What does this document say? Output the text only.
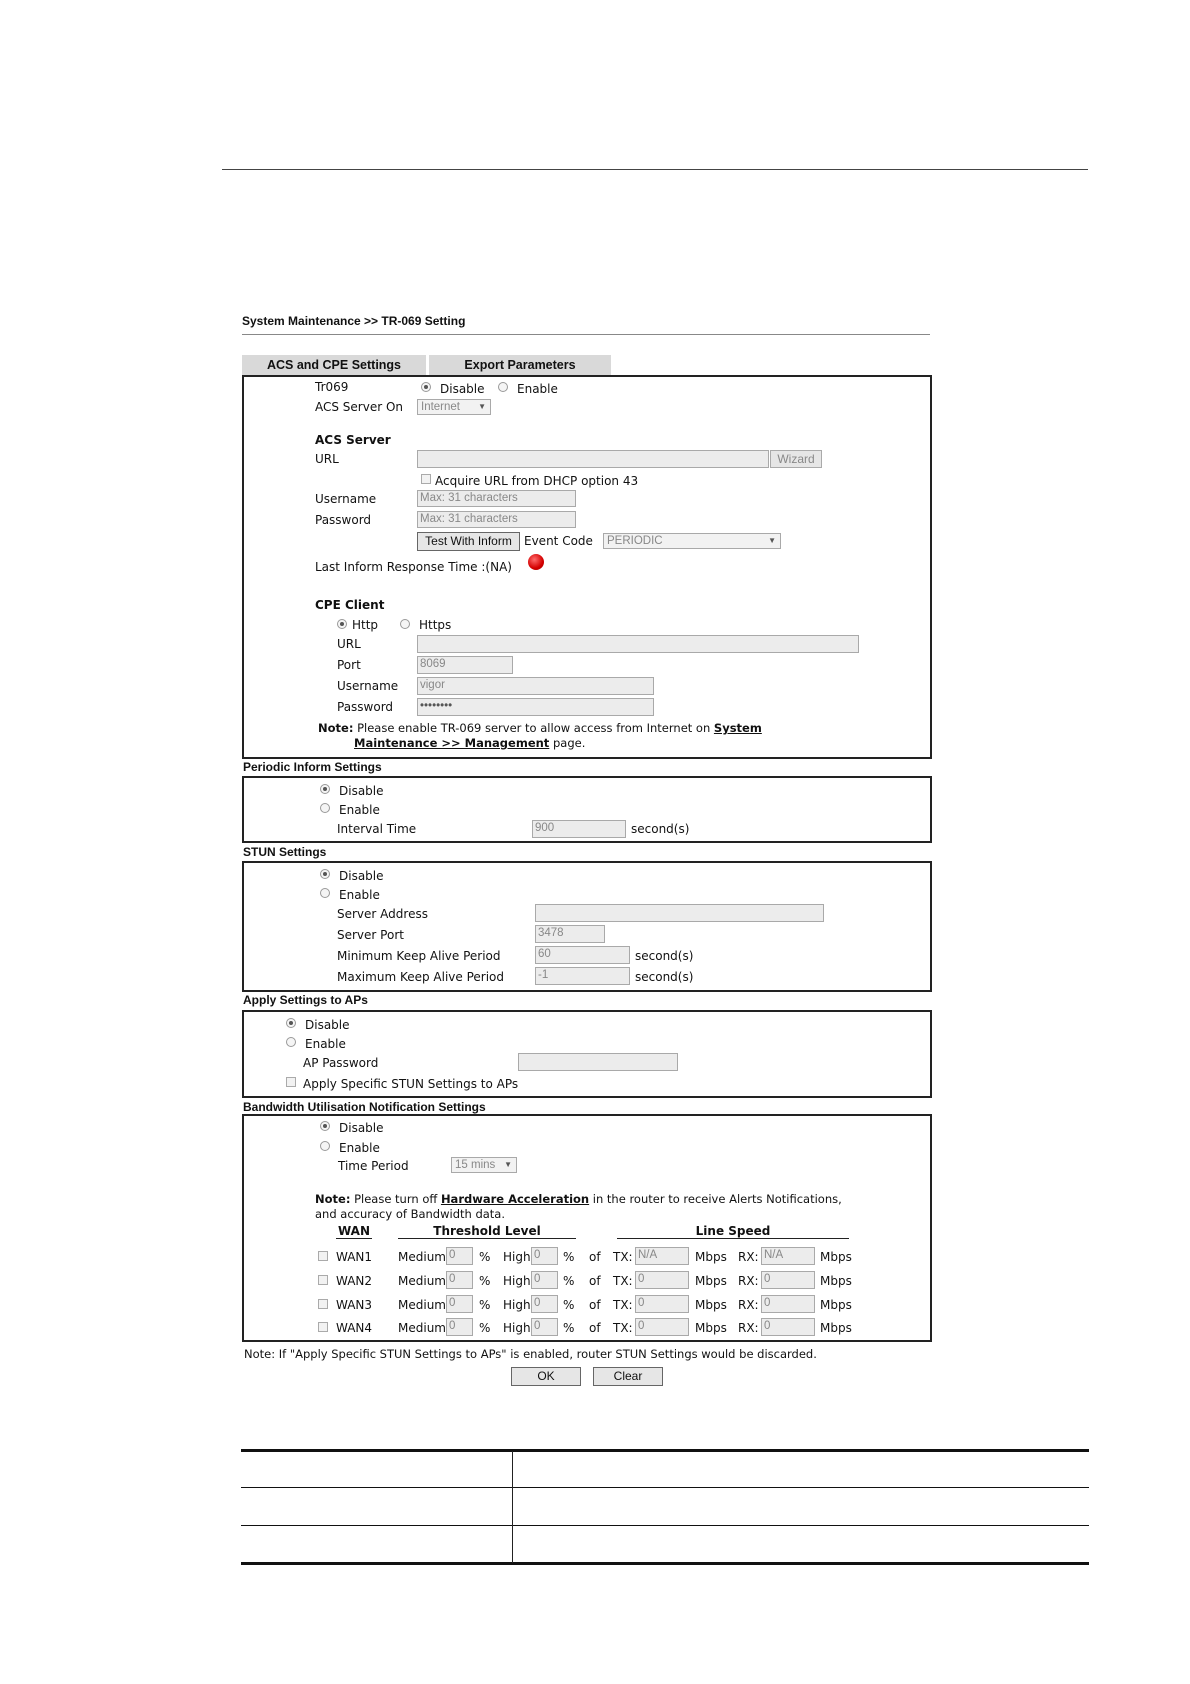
System Maintenance >> TR-069 Setting
ACS and CPE Settings	Export Parameters
Tr069	Disable	Enable
ACS Server On	Internet ▼
ACS Server
URL	Wizard
Acquire URL from DHCP option 43
Username	Max: 31 characters
Password	Max: 31 characters
Test With Inform	Event Code	PERIODIC	▼
Last Inform Response Time :(NA)
CPE Client
Http	Https
URL
Port	8069
Username vigor
Password ••••••••
Note: Please enable TR-069 server to allow access from Internet on System
Maintenance >> Management page.
Periodic Inform Settings
Disable
Enable
Interval Time	900	second(s)
STUN Settings
Disable
Enable
Server Address
Server Port	3478
Minimum Keep Alive Period	60	second(s)
Maximum Keep Alive Period	-1	second(s)
Apply Settings to APs
Disable
Enable
AP Password
Apply Specific STUN Settings to APs
Bandwidth Utilisation Notification Settings
Disable
Enable
Time Period	15 mins ▼
Note: Please turn off Hardware Acceleration in the router to receive Alerts Notifications,
and accuracy of Bandwidth data.
WAN	Threshold Level	Line Speed
WAN1 Medium 0	% High 0	% of TX: N/A	Mbps RX: N/A	Mbps
WAN2 Medium 0	% High 0	% of TX: 0	Mbps RX: 0	Mbps
WAN3 Medium 0	% High 0	% of TX: 0	Mbps RX: 0	Mbps
WAN4 Medium 0	% High 0	% of TX: 0	Mbps RX: 0	Mbps
Note: If "Apply Specific STUN Settings to APs" is enabled, router STUN Settings would be discarded.
OK	Clear
